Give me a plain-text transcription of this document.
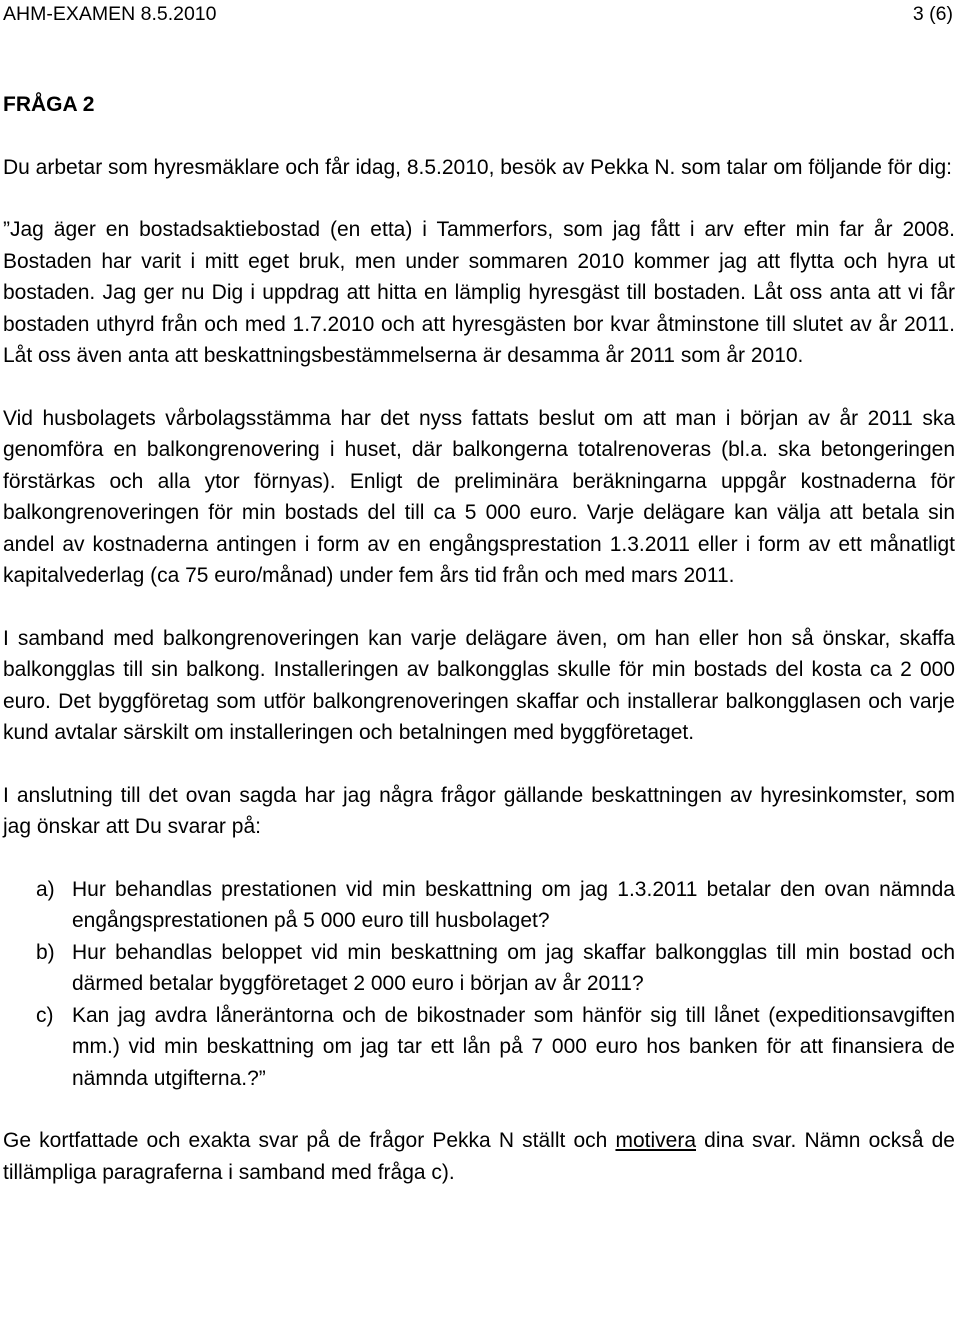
AHM-EXAMEN 8.5.2010	3 (6)

FRÅGA 2

Du arbetar som hyresmäklare och får idag, 8.5.2010, besök av Pekka N. som talar om följande för dig:

”Jag äger en bostadsaktiebostad (en etta) i Tammerfors, som jag fått i arv efter min far år 2008. Bostaden har varit i mitt eget bruk, men under sommaren 2010 kommer jag att flytta och hyra ut bostaden. Jag ger nu Dig i uppdrag att hitta en lämplig hyresgäst till bostaden. Låt oss anta att vi får bostaden uthyrd från och med 1.7.2010 och att hyresgästen bor kvar åtminstone till slutet av år 2011. Låt oss även anta att beskattningsbestämmelserna är desamma år 2011 som år 2010.

Vid husbolagets vårbolagsstämma har det nyss fattats beslut om att man i början av år 2011 ska genomföra en balkongrenovering i huset, där balkongerna totalrenoveras (bl.a. ska betongeringen förstärkas och alla ytor förnyas). Enligt de preliminära beräkningarna uppgår kostnaderna för balkongrenoveringen för min bostads del till ca 5 000 euro. Varje delägare kan välja att betala sin andel av kostnaderna antingen i form av en engångsprestation 1.3.2011 eller i form av ett månatligt kapitalvederlag (ca 75 euro/månad) under fem års tid från och med mars 2011.

I samband med balkongrenoveringen kan varje delägare även, om han eller hon så önskar, skaffa balkongglas till sin balkong. Installeringen av balkongglas skulle för min bostads del kosta ca 2 000 euro. Det byggföretag som utför balkongrenoveringen skaffar och installerar balkongglasen och varje kund avtalar särskilt om installeringen och betalningen med byggföretaget.

I anslutning till det ovan sagda har jag några frågor gällande beskattningen av hyresinkomster, som jag önskar att Du svarar på:

a) Hur behandlas prestationen vid min beskattning om jag 1.3.2011 betalar den ovan nämnda engångsprestationen på 5 000 euro till husbolaget?
b) Hur behandlas beloppet vid min beskattning om jag skaffar balkongglas till min bostad och därmed betalar byggföretaget 2 000 euro i början av år 2011?
c) Kan jag avdra låneräntorna och de bikostnader som hänför sig till lånet (expeditionsavgiften mm.) vid min beskattning om jag tar ett lån på 7 000 euro hos banken för att finansiera de nämnda utgifterna.?”

Ge kortfattade och exakta svar på de frågor Pekka N ställt och motivera dina svar. Nämn också de tillämpliga paragraferna i samband med fråga c).
